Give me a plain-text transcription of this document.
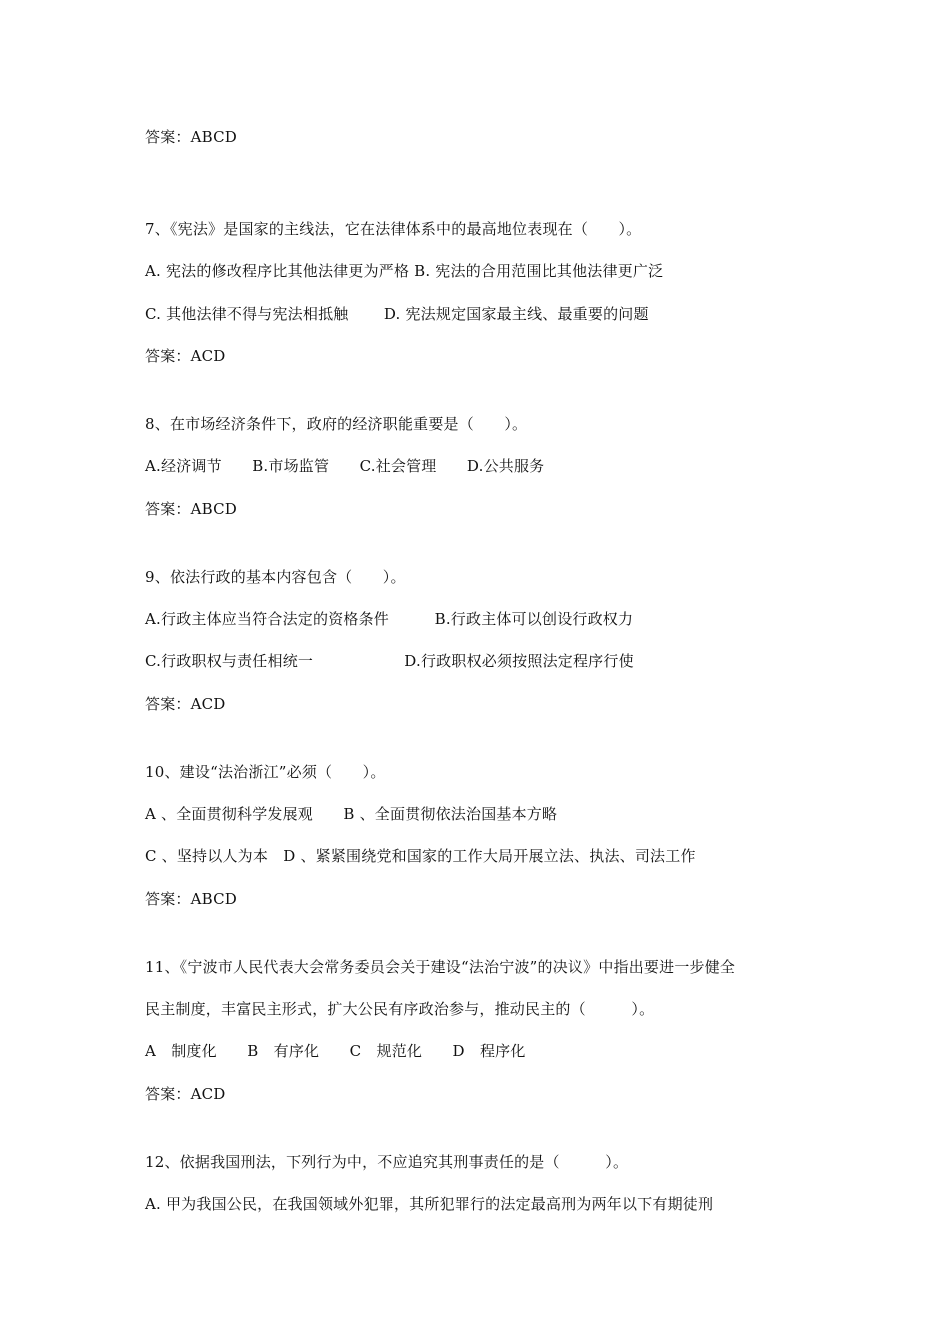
答案：ABCD
7、《宪法》是国家的主线法，它在法律体系中的最高地位表现在（　　）。
A. 宪法的修改程序比其他法律更为严格 B. 宪法的合用范围比其他法律更广泛
C. 其他法律不得与宪法相抵触　　 D. 宪法规定国家最主线、最重要的问题
答案：ACD
8、在市场经济条件下，政府的经济职能重要是（　　）。
A.经济调节　　B.市场监管　　C.社会管理　　D.公共服务
答案：ABCD
9、依法行政的基本内容包含（　　）。
A.行政主体应当符合法定的资格条件　　　B.行政主体可以创设行政权力
C.行政职权与责任相统一　　　　　　D.行政职权必须按照法定程序行使
答案：ACD
10、建设“法治浙江”必须（　　）。
A 、全面贯彻科学发展观　　B 、全面贯彻依法治国基本方略
C 、坚持以人为本　D 、紧紧围绕党和国家的工作大局开展立法、执法、司法工作
答案：ABCD
11、《宁波市人民代表大会常务委员会关于建设“法治宁波”的决议》中指出要进一步健全
民主制度，丰富民主形式，扩大公民有序政治参与，推动民主的（　　　）。
A　制度化　　B　有序化　　C　规范化　　D　程序化
答案：ACD
12、依据我国刑法，下列行为中，不应追究其刑事责任的是（　　　）。
A. 甲为我国公民，在我国领域外犯罪，其所犯罪行的法定最高刑为两年以下有期徒刑
